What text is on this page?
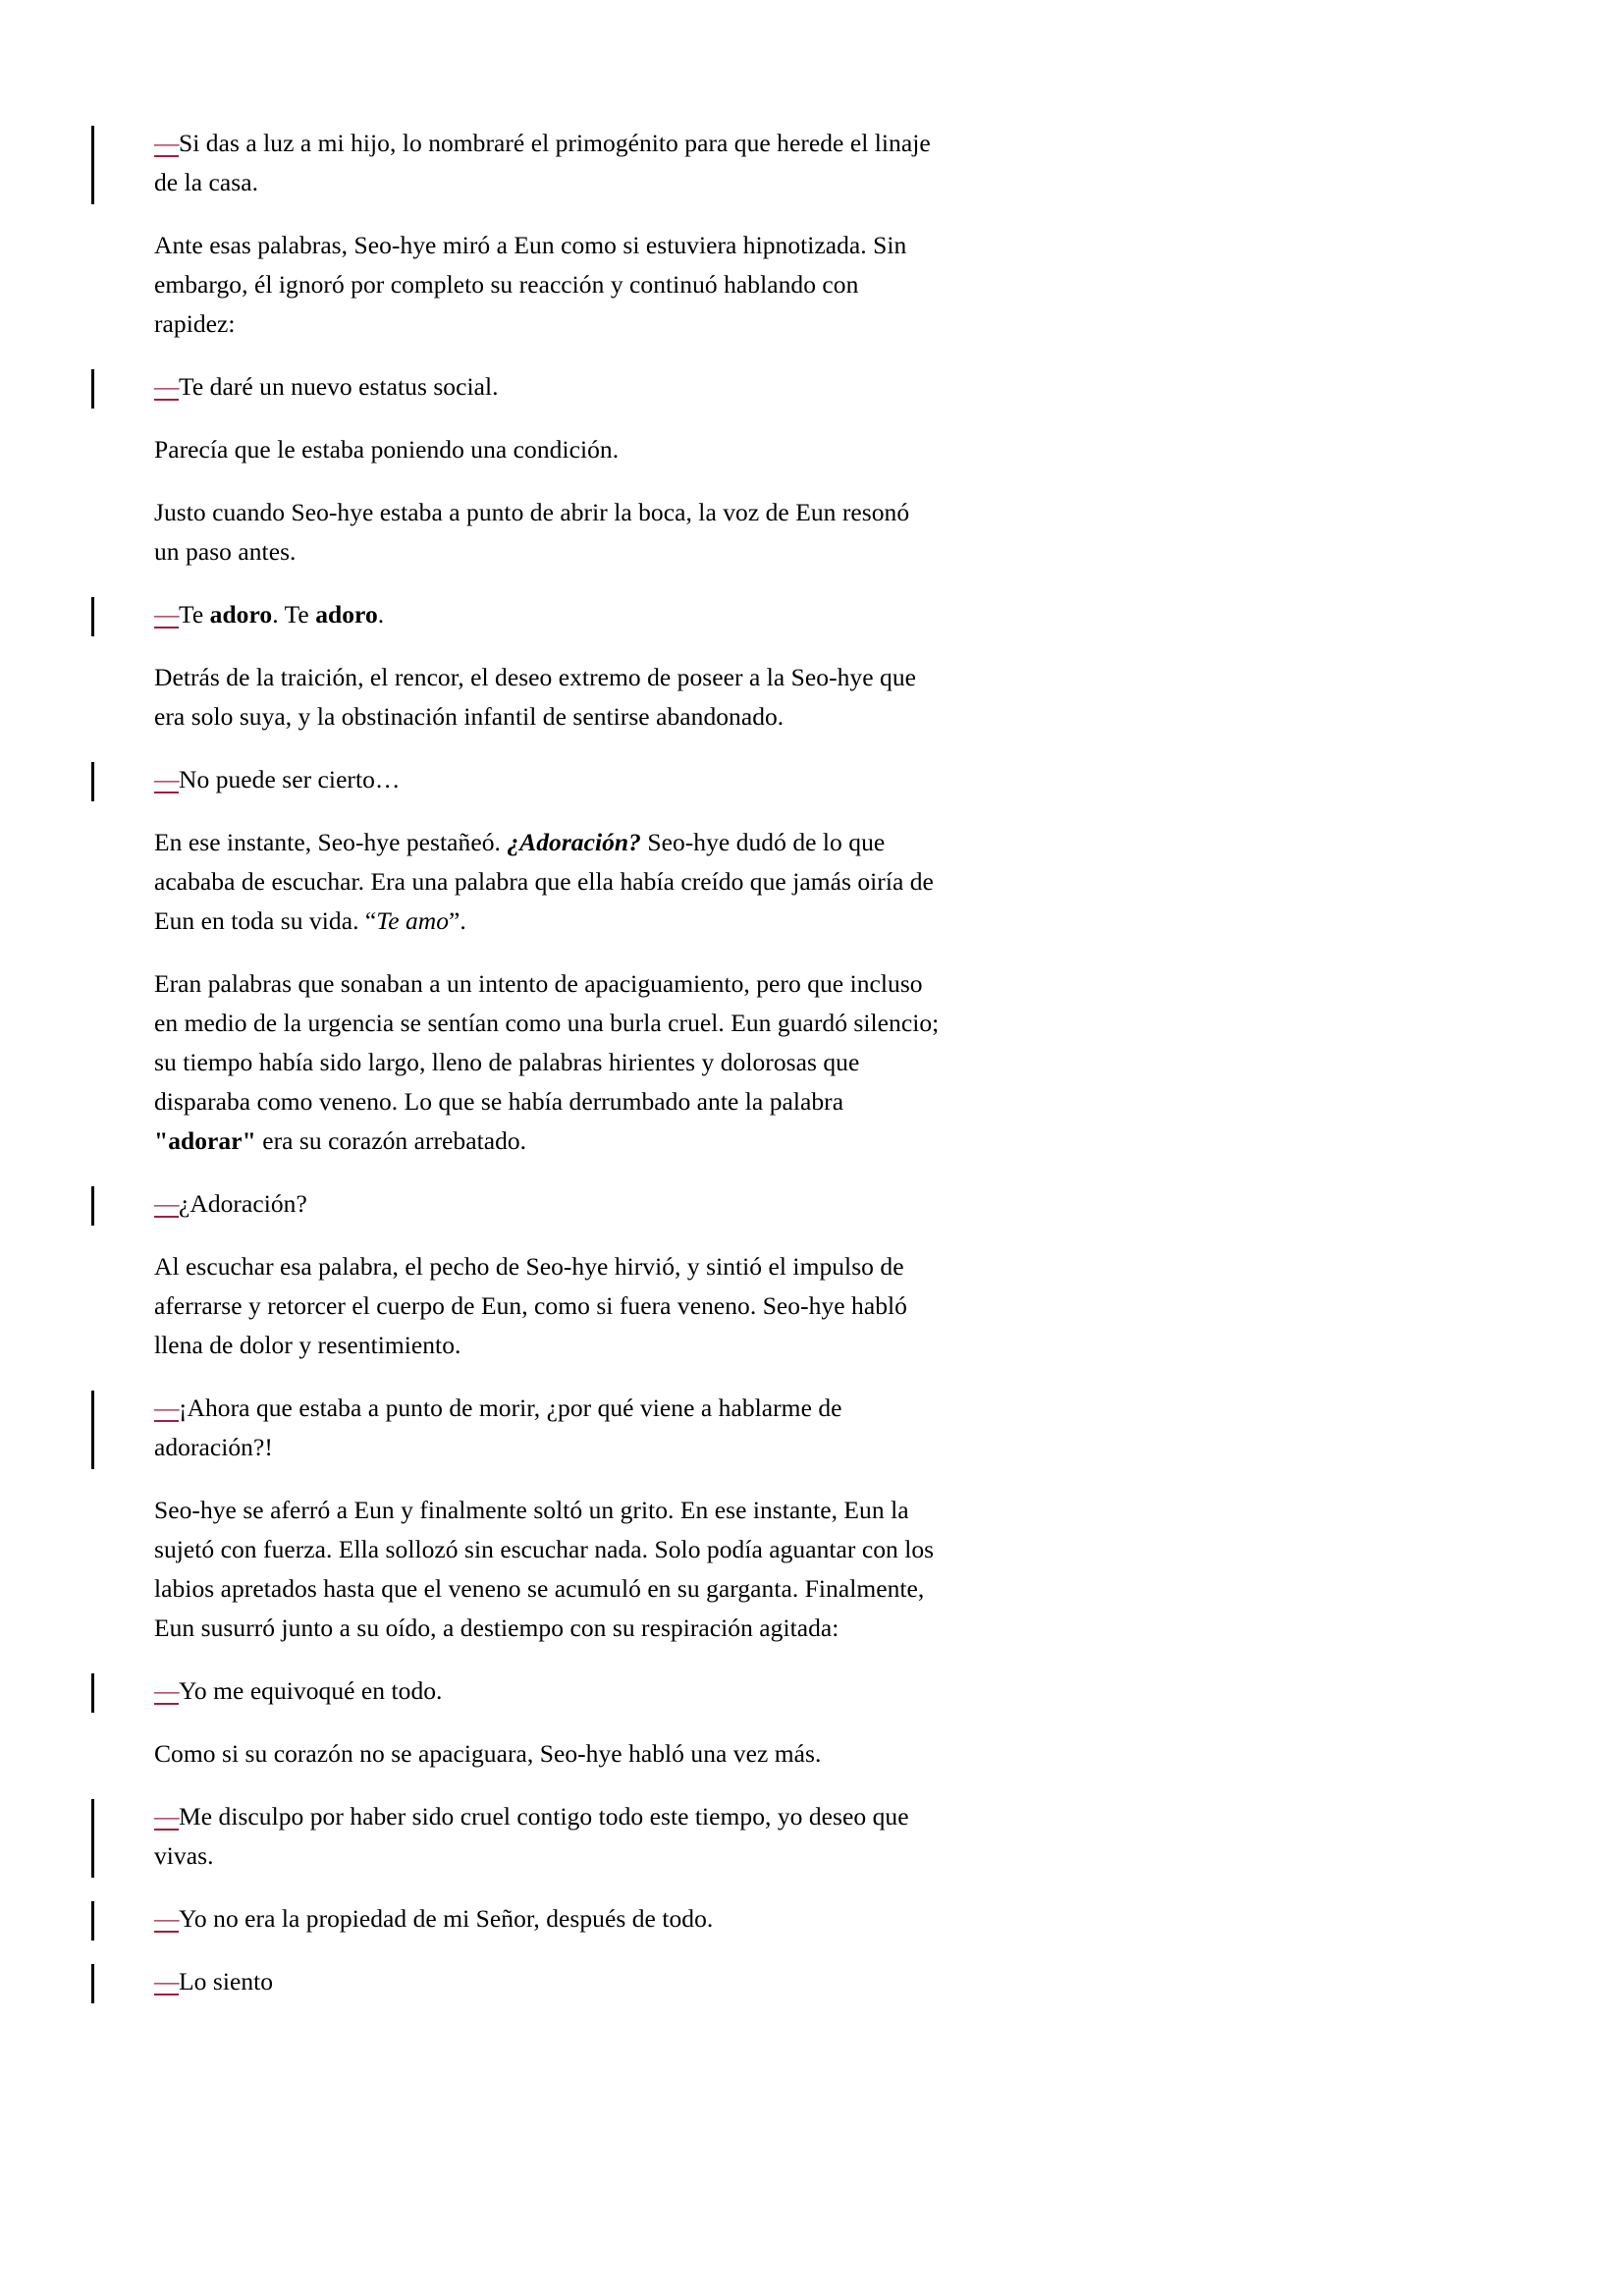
—Si das a luz a mi hijo, lo nombraré el primogénito para que herede el linaje de la casa.

Ante esas palabras, Seo-hye miró a Eun como si estuviera hipnotizada. Sin embargo, él ignoró por completo su reacción y continuó hablando con rapidez:

—Te daré un nuevo estatus social.

Parecía que le estaba poniendo una condición.

Justo cuando Seo-hye estaba a punto de abrir la boca, la voz de Eun resonó un paso antes.

—Te adoro. Te adoro.

Detrás de la traición, el rencor, el deseo extremo de poseer a la Seo-hye que era solo suya, y la obstinación infantil de sentirse abandonado.

—No puede ser cierto…

En ese instante, Seo-hye pestañeó. ¿Adoración? Seo-hye dudó de lo que acababa de escuchar. Era una palabra que ella había creído que jamás oiría de Eun en toda su vida. “Te amo”.

Eran palabras que sonaban a un intento de apaciguamiento, pero que incluso en medio de la urgencia se sentían como una burla cruel. Eun guardó silencio; su tiempo había sido largo, lleno de palabras hirientes y dolorosas que disparaba como veneno. Lo que se había derrumbado ante la palabra "adorar" era su corazón arrebatado.

—¿Adoración?

Al escuchar esa palabra, el pecho de Seo-hye hirvió, y sintió el impulso de aferrarse y retorcer el cuerpo de Eun, como si fuera veneno. Seo-hye habló llena de dolor y resentimiento.

—¡Ahora que estaba a punto de morir, ¿por qué viene a hablarme de adoración?!

Seo-hye se aferró a Eun y finalmente soltó un grito. En ese instante, Eun la sujetó con fuerza. Ella sollozó sin escuchar nada. Solo podía aguantar con los labios apretados hasta que el veneno se acumuló en su garganta. Finalmente, Eun susurró junto a su oído, a destiempo con su respiración agitada:

—Yo me equivoqué en todo.

Como si su corazón no se apaciguara, Seo-hye habló una vez más.

—Me disculpo por haber sido cruel contigo todo este tiempo, yo deseo que vivas.

—Yo no era la propiedad de mi Señor, después de todo.

—Lo siento
